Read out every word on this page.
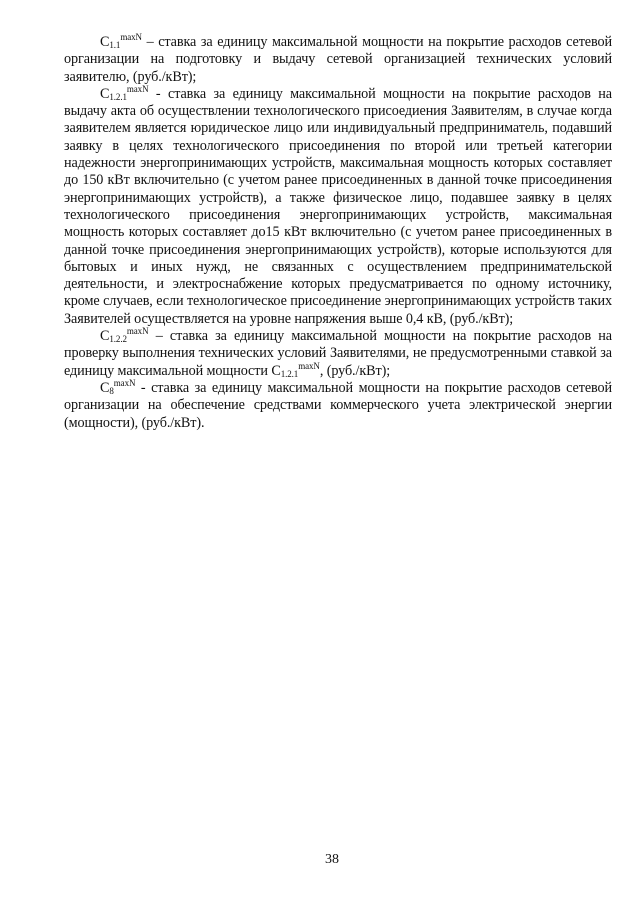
$C_{1.1}^{maxN}$ – ставка за единицу максимальной мощности на покрытие расходов сетевой организации на подготовку и выдачу сетевой организацией технических условий заявителю, (руб./кВт);

$C_{1.2.1}^{maxN}$ - ставка за единицу максимальной мощности на покрытие расходов на выдачу акта об осуществлении технологического присоедиения Заявителям, в случае когда заявителем является юридическое лицо или индивидуальный предприниматель, подавший заявку в целях технологического присоединения по второй или третьей категории надежности энергопринимающих устройств, максимальная мощность которых составляет до 150 кВт включительно (с учетом ранее присоединенных в данной точке присоединения энергопринимающих устройств), а также физическое лицо, подавшее заявку в целях технологического присоединения энергопринимающих устройств, максимальная мощность которых составляет до15 кВт включительно (с учетом ранее присоединенных в данной точке присоединения энергопринимающих устройств), которые используются для бытовых и иных нужд, не связанных с осуществлением предпринимательской деятельности, и электроснабжение которых предусматривается по одному источнику, кроме случаев, если технологическое присоединение энергопринимающих устройств таких Заявителей осуществляется на уровне напряжения выше 0,4 кВ, (руб./кВт);

$C_{1.2.2}^{maxN}$ – ставка за единицу максимальной мощности на покрытие расходов на проверку выполнения технических условий Заявителями, не предусмотренными ставкой за единицу максимальной мощности $C_{1.2.1}^{maxN}$, (руб./кВт);

$C_8^{maxN}$ - ставка за единицу максимальной мощности на покрытие расходов сетевой организации на обеспечение средствами коммерческого учета электрической энергии (мощности), (руб./кВт).

38
